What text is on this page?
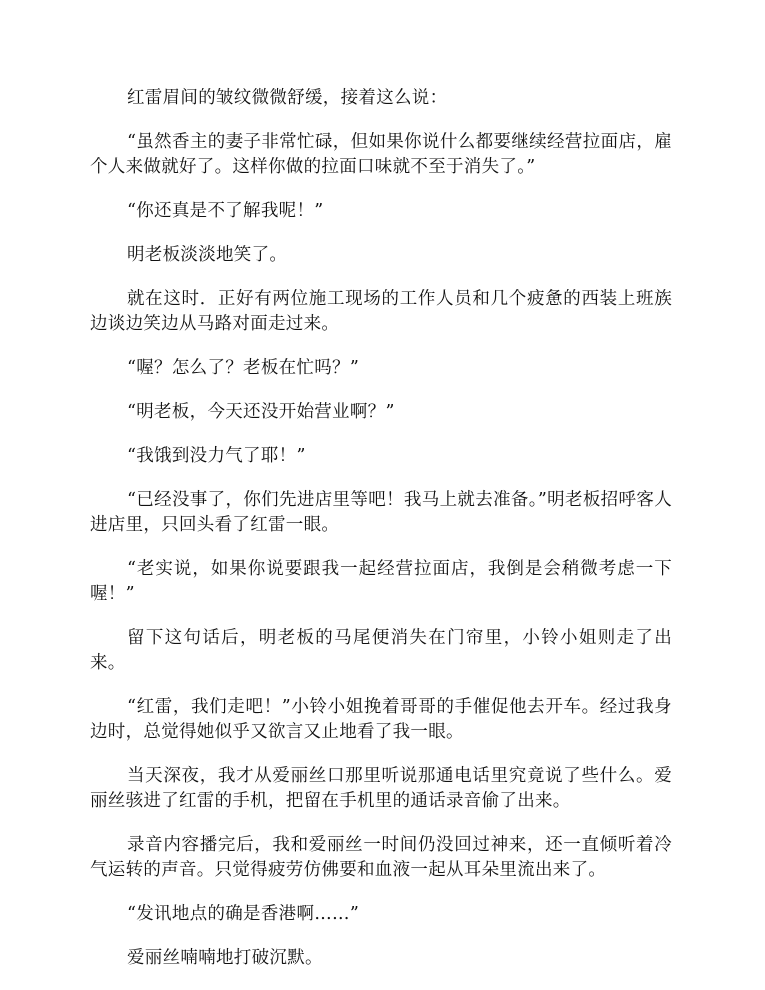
红雷眉间的皱纹微微舒缓，接着这么说：

“虽然香主的妻子非常忙碌，但如果你说什么都要继续经营拉面店，雇个人来做就好了。这样你做的拉面口味就不至于消失了。”

“你还真是不了解我呢！”

明老板淡淡地笑了。

就在这时．正好有两位施工现场的工作人员和几个疲惫的西装上班族边谈边笑边从马路对面走过来。

“喔？怎么了？老板在忙吗？”

“明老板，今天还没开始营业啊？”

“我饿到没力气了耶！”

“已经没事了，你们先进店里等吧！我马上就去准备。”明老板招呼客人进店里，只回头看了红雷一眼。

“老实说，如果你说要跟我一起经营拉面店，我倒是会稍微考虑一下喔！”

留下这句话后，明老板的马尾便消失在门帘里，小铃小姐则走了出来。

“红雷，我们走吧！”小铃小姐挽着哥哥的手催促他去开车。经过我身边时，总觉得她似乎又欲言又止地看了我一眼。

当天深夜，我才从爱丽丝口那里听说那通电话里究竟说了些什么。爱丽丝骇进了红雷的手机，把留在手机里的通话录音偷了出来。

录音内容播完后，我和爱丽丝一时间仍没回过神来，还一直倾听着冷气运转的声音。只觉得疲劳仿佛要和血液一起从耳朵里流出来了。

“发讯地点的确是香港啊……”

爱丽丝喃喃地打破沉默。
